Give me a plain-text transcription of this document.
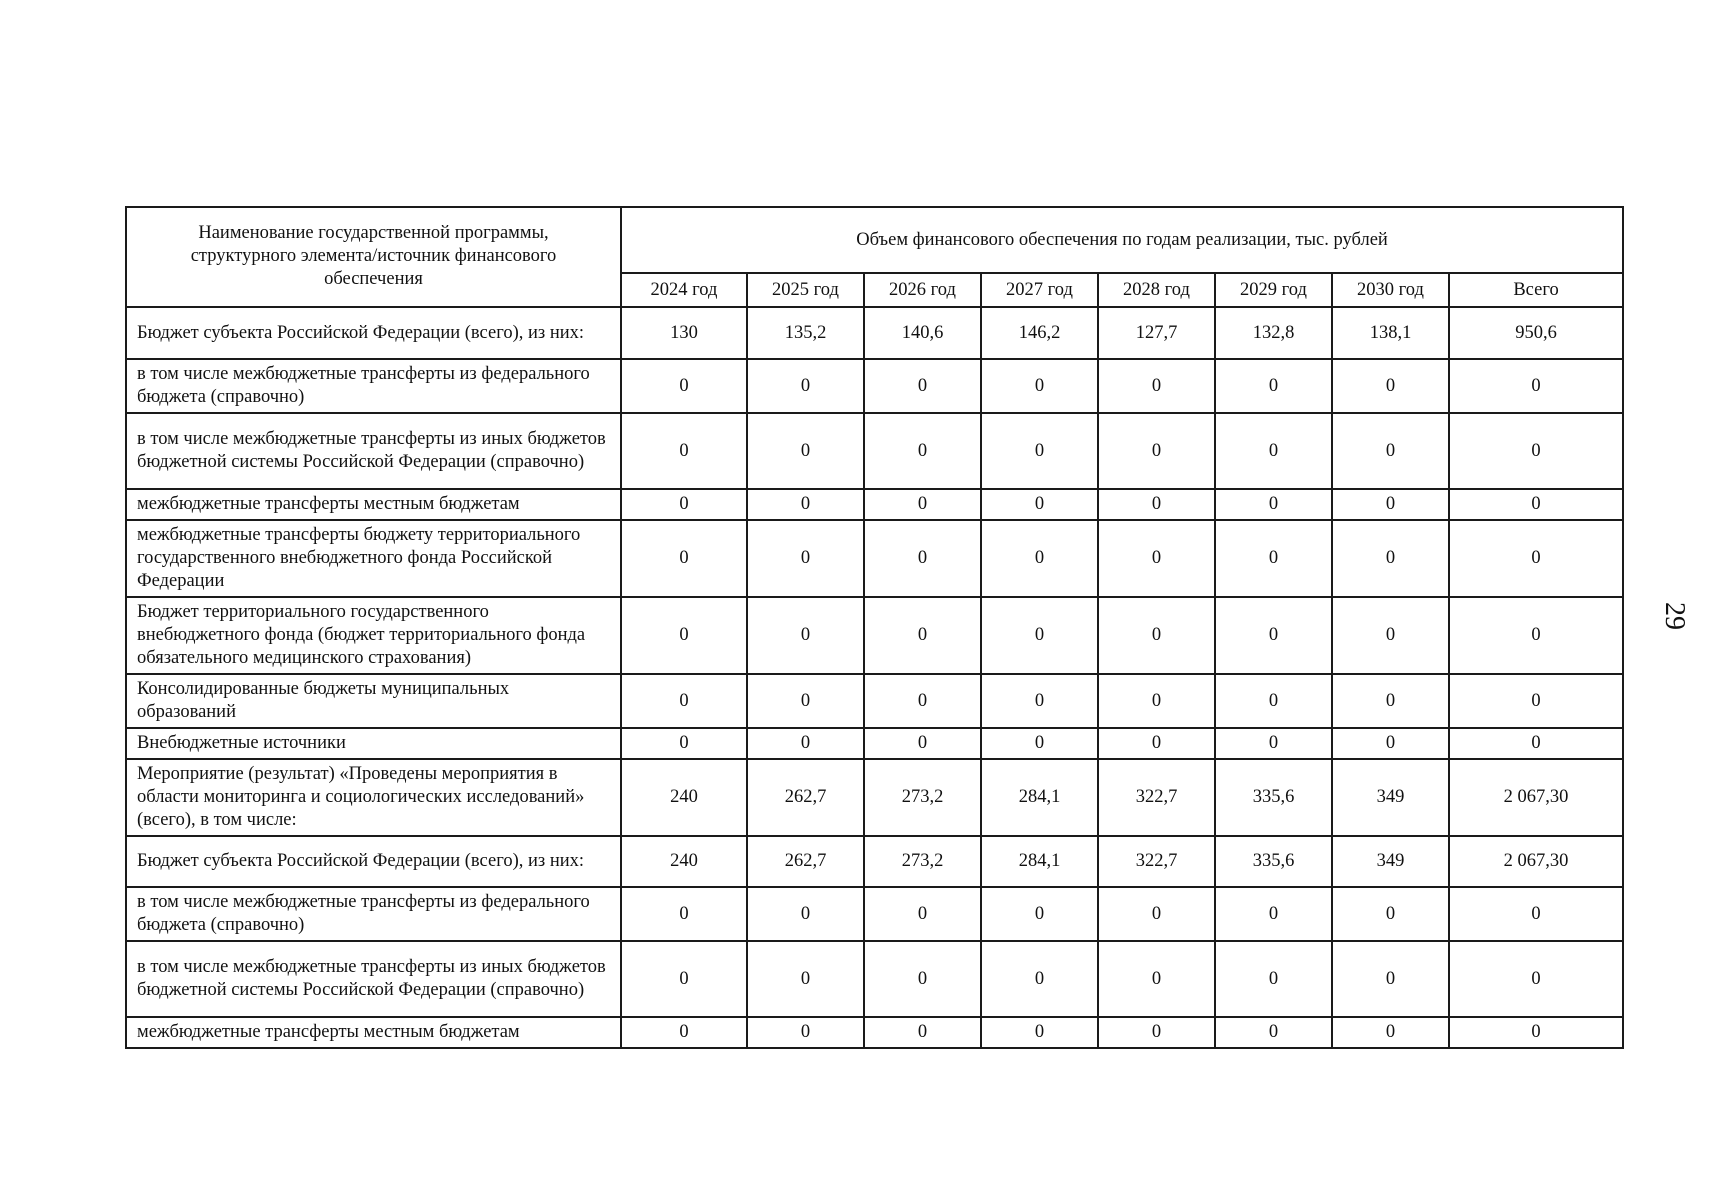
Наименование государственной программы, структурного элемента/источник финансового обеспечения	Объем финансового обеспечения по годам реализации, тыс. рублей							
	2024 год	2025 год	2026 год	2027 год	2028 год	2029 год	2030 год	Всего
Бюджет субъекта Российской Федерации (всего), из них:	130	135,2	140,6	146,2	127,7	132,8	138,1	950,6
в том числе межбюджетные трансферты из федерального бюджета (справочно)	0	0	0	0	0	0	0	0
в том числе межбюджетные трансферты из иных бюджетов бюджетной системы Российской Федерации (справочно)	0	0	0	0	0	0	0	0
межбюджетные трансферты местным бюджетам	0	0	0	0	0	0	0	0
межбюджетные трансферты бюджету территориального государственного внебюджетного фонда Российской Федерации	0	0	0	0	0	0	0	0
Бюджет территориального государственного внебюджетного фонда (бюджет территориального фонда обязательного медицинского страхования)	0	0	0	0	0	0	0	0
Консолидированные бюджеты муниципальных образований	0	0	0	0	0	0	0	0
Внебюджетные источники	0	0	0	0	0	0	0	0
Мероприятие (результат) «Проведены мероприятия в области мониторинга и социологических исследований» (всего), в том числе:	240	262,7	273,2	284,1	322,7	335,6	349	2 067,30
Бюджет субъекта Российской Федерации (всего), из них:	240	262,7	273,2	284,1	322,7	335,6	349	2 067,30
в том числе межбюджетные трансферты из федерального бюджета (справочно)	0	0	0	0	0	0	0	0
в том числе межбюджетные трансферты из иных бюджетов бюджетной системы Российской Федерации (справочно)	0	0	0	0	0	0	0	0
межбюджетные трансферты местным бюджетам	0	0	0	0	0	0	0	0
29
